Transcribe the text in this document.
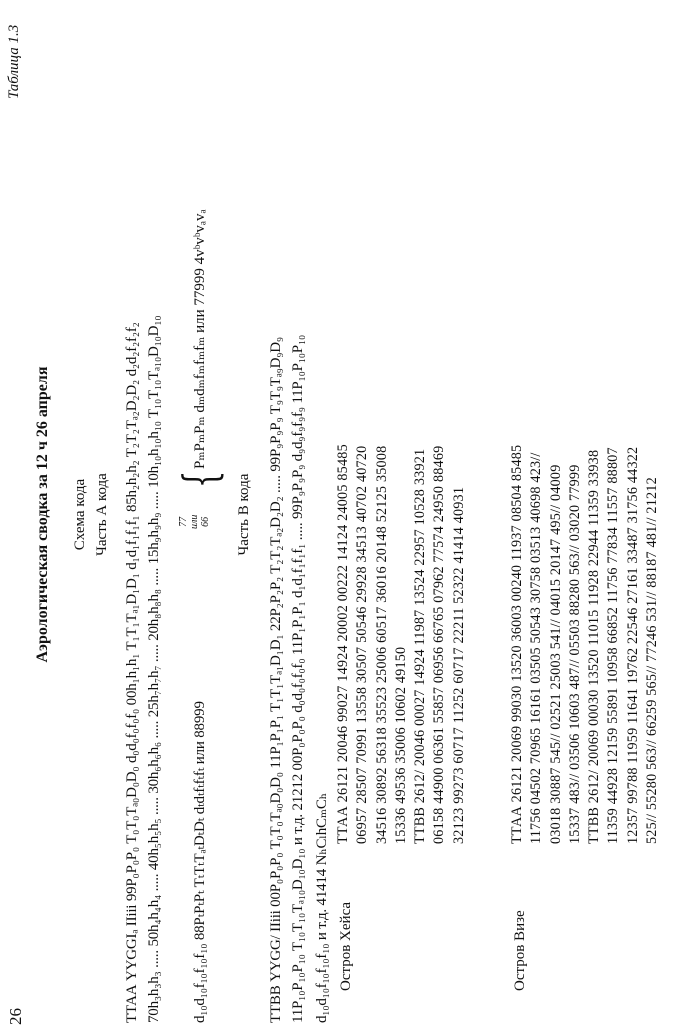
26
Таблица 1.3
Аэрологическая сводка за 12 ч 26 апреля Схема кода Часть А кода ТТАА YYGGIₐ IIiii 99P₀P₀P₀ T₀T₀Tₐ₀D₀D₀ d₀d₀f₀f₀f₀ 00h₁h₁h₁ T₁T₁Tₐ₁D₁D₁ d₁d₁f₁f₁f₁ 85h₂h₂h₂ T₂T₂Tₐ₂D₂D₂ d₂d₂f₂f₂f₂ 70h₃h₃h₃ ..... 50h₄h₄h₄ ..... 40h₅h₅h₅ ..... 30h₆h₆h₆ ..... 25h₇h₇h₇ ..... 20h₈h₈h₈ ..... 15h₉h₉h₉ ..... 10h₁₀h₁₀h₁₀ T₁₀T₁₀Tₐ₁₀D₁₀D₁₀ d₁₀d₁₀f₁₀f₁₀f₁₀ 88PₜPₜPₜ TₜTₜTₐₜDₜDₜ dₜdₜfₜfₜfₜ или 88999
77 или 66
{
PₘPₘPₘ dₘdₘfₘfₘfₘ или 77999 4vᵇvᵇvₐvₐ
Часть В кода ТТВВ YYGG/ IIiii 00P₀P₀P₀ T₀T₀Tₐ₀D₀D₀ 11P₁P₁P₁ T₁T₁Tₐ₁D₁D₁ 22P₂P₂P₂ T₂T₂Tₐ₂D₂D₂ ..... 99P₉P₉P₉ T₉T₉Tₐ₉D₉D₉ 11P₁₀P₁₀P₁₀ T₁₀T₁₀Tₐ₁₀D₁₀D₁₀ и т.д. 21212 00P₀P₀P₀ d₀d₀f₀f₀f₀ 11P₁P₁P₁ d₁d₁f₁f₁f₁ ..... 99P₉P₉P₉ d₉d₉f₉f₉f₉ 11P₁₀P₁₀P₁₀ d₁₀d₁₀f₁₀f₁₀f₁₀ и т.д. 41414 NₕCₗhCₘCₕ Остров Хейса
ТТАА 26121 20046 99027 14924 20002 00222 14124 24005 85485 06957 28507 70991 13558 30507 50546 29928 34513 40702 40720 34516 30892 56318 35523 25006 60517 36016 20148 52125 35008 15336 49536 35006 10602 49150 ТТВВ 2612/ 20046 00027 14924 11987 13524 22957 10528 33921 06158 44900 06361 55857 06956 66765 07962 77574 24950 88469 32123 99273 60717 11252 60717 22211 52322 41414 40931
Остров Визе
ТТАА 26121 20069 99030 13520 36003 00240 11937 08504 85485 11756 04502 70965 16161 03505 50543 30758 03513 40698 423// 03018 30887 545// 02521 25003 541// 04015 20147 495// 04009 15337 483// 03506 10603 487// 05503 88280 563// 03020 77999 ТТВВ 2612/ 20069 00030 13520 11015 11928 22944 11359 33938 11359 44928 12159 55891 10958 66852 11756 77834 11557 88807 12357 99788 11959 11641 19762 22546 27161 33487 31756 44322 525// 55280 563// 66259 565// 77246 531// 88187 481// 21212
